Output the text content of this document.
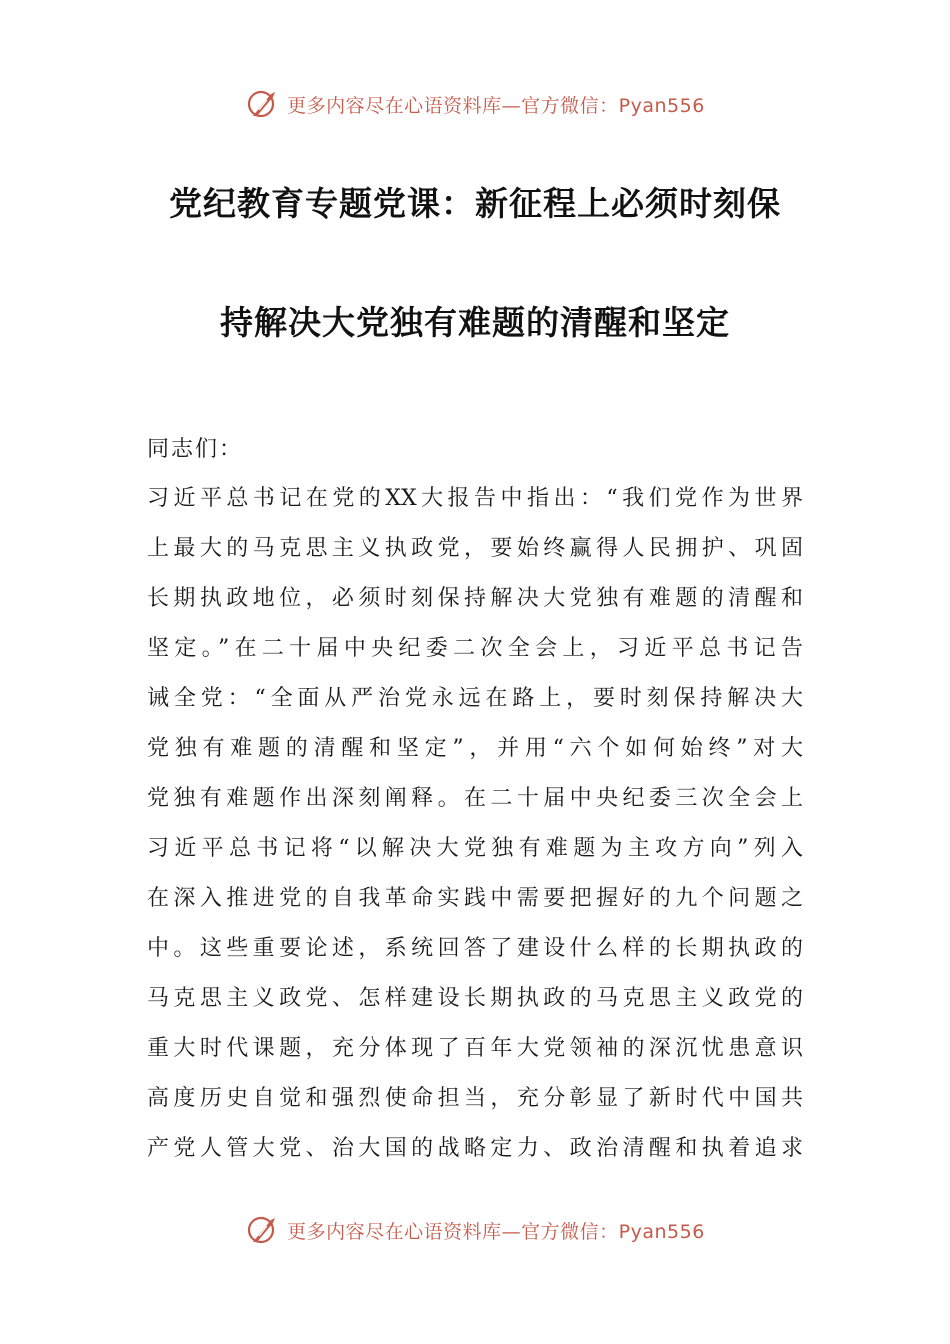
更多内容尽在心语资料库—官方微信：Pyan556
党纪教育专题党课：新征程上必须时刻保
持解决大党独有难题的清醒和坚定
同志们：
习近平总书记在党的XX大报告中指出：“我们党作为世界
上最大的马克思主义执政党，要始终赢得人民拥护、巩固
长期执政地位，必须时刻保持解决大党独有难题的清醒和
坚定。”在二十届中央纪委二次全会上，习近平总书记告
诫全党：“全面从严治党永远在路上，要时刻保持解决大
党独有难题的清醒和坚定”，并用“六个如何始终”对大
党独有难题作出深刻阐释。在二十届中央纪委三次全会上
习近平总书记将“以解决大党独有难题为主攻方向”列入
在深入推进党的自我革命实践中需要把握好的九个问题之
中。这些重要论述，系统回答了建设什么样的长期执政的
马克思主义政党、怎样建设长期执政的马克思主义政党的
重大时代课题，充分体现了百年大党领袖的深沉忧患意识
高度历史自觉和强烈使命担当，充分彰显了新时代中国共
产党人管大党、治大国的战略定力、政治清醒和执着追求
更多内容尽在心语资料库—官方微信：Pyan556
